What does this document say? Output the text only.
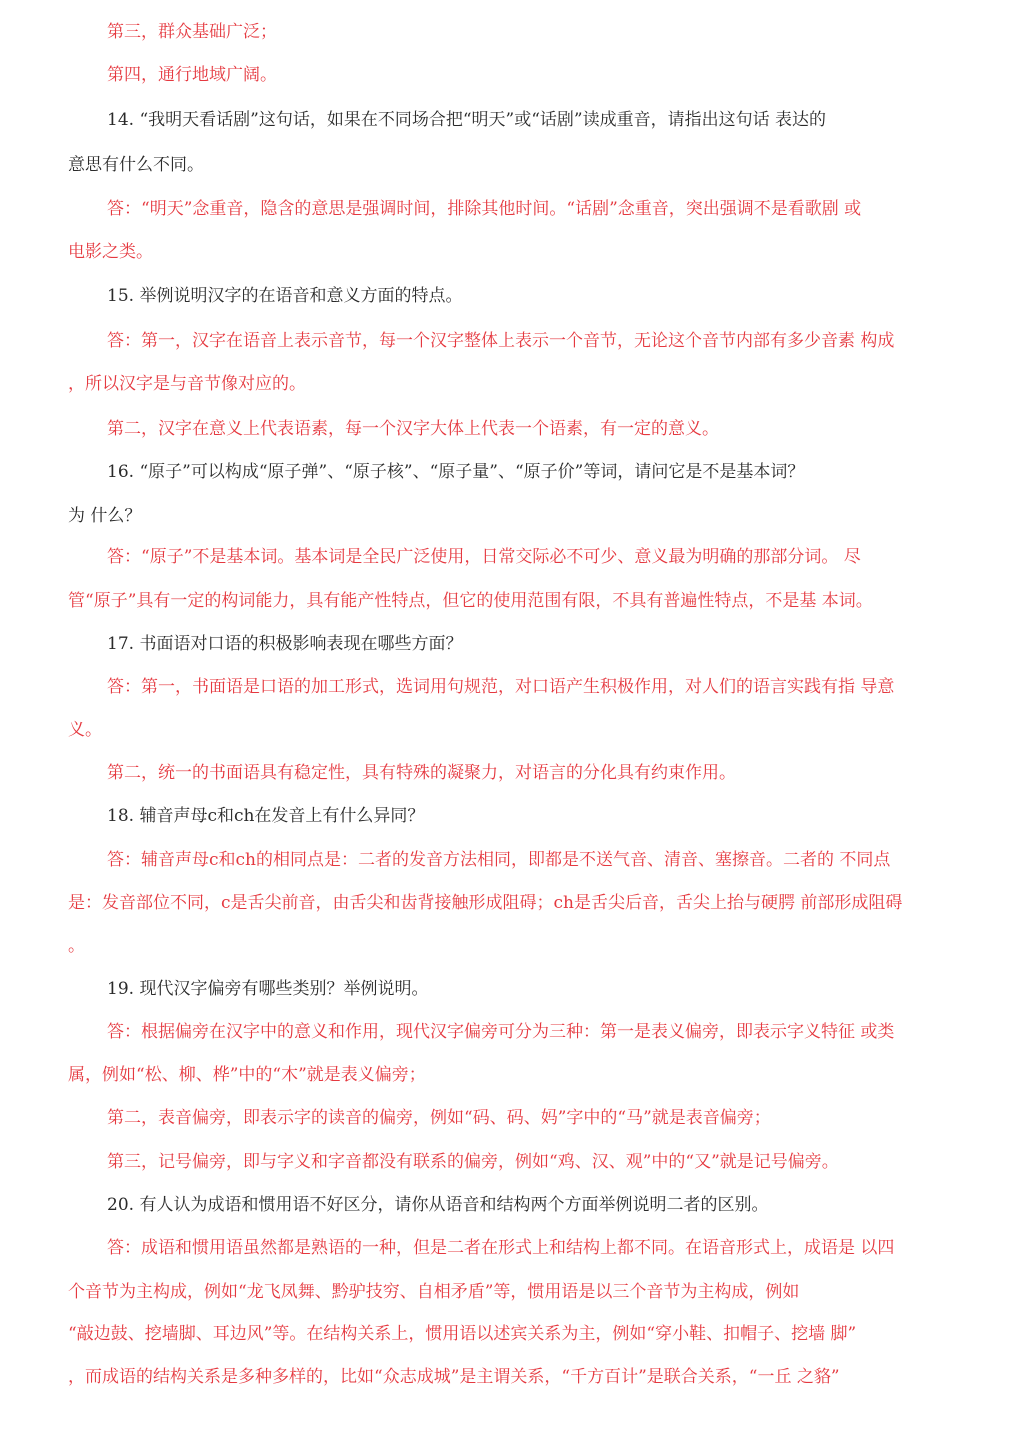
第三，群众基础广泛；
第四，通行地域广阔。
14. “我明天看话剧”这句话，如果在不同场合把“明天”或“话剧”读成重音，请指出这句话 表达的
意思有什么不同。
答：“明天”念重音，隐含的意思是强调时间，排除其他时间。“话剧”念重音，突出强调不是看歌剧 或
电影之类。
15. 举例说明汉字的在语音和意义方面的特点。
答：第一，汉字在语音上表示音节，每一个汉字整体上表示一个音节，无论这个音节内部有多少音素 构成
，所以汉字是与音节像对应的。
第二，汉字在意义上代表语素，每一个汉字大体上代表一个语素，有一定的意义。
16. “原子”可以构成“原子弹”、“原子核”、“原子量”、“原子价”等词，请问它是不是基本词？
为 什么？
答：“原子”不是基本词。基本词是全民广泛使用，日常交际必不可少、意义最为明确的那部分词。 尽
管“原子”具有一定的构词能力，具有能产性特点，但它的使用范围有限，不具有普遍性特点，不是基 本词。
17. 书面语对口语的积极影响表现在哪些方面？
答：第一，书面语是口语的加工形式，选词用句规范，对口语产生积极作用，对人们的语言实践有指 导意
义。
第二，统一的书面语具有稳定性，具有特殊的凝聚力，对语言的分化具有约束作用。
18. 辅音声母c和ch在发音上有什么异同？
答：辅音声母c和ch的相同点是：二者的发音方法相同，即都是不送气音、清音、塞擦音。二者的 不同点
是：发音部位不同，c是舌尖前音，由舌尖和齿背接触形成阻碍；ch是舌尖后音，舌尖上抬与硬腭 前部形成阻碍
。
19. 现代汉字偏旁有哪些类别？举例说明。
答：根据偏旁在汉字中的意义和作用，现代汉字偏旁可分为三种：第一是表义偏旁，即表示字义特征 或类
属，例如“松、柳、桦”中的“木”就是表义偏旁；
第二，表音偏旁，即表示字的读音的偏旁，例如“码、码、妈”字中的“马”就是表音偏旁；
第三，记号偏旁，即与字义和字音都没有联系的偏旁，例如“鸡、汉、观”中的“又”就是记号偏旁。
20. 有人认为成语和惯用语不好区分，请你从语音和结构两个方面举例说明二者的区别。
答：成语和惯用语虽然都是熟语的一种，但是二者在形式上和结构上都不同。在语音形式上，成语是 以四
个音节为主构成，例如“龙飞凤舞、黔驴技穷、自相矛盾”等，惯用语是以三个音节为主构成，例如
“敲边鼓、挖墙脚、耳边风”等。在结构关系上，惯用语以述宾关系为主，例如“穿小鞋、扣帽子、挖墙 脚”
，而成语的结构关系是多种多样的，比如“众志成城”是主谓关系，“千方百计”是联合关系，“一丘 之貉”
